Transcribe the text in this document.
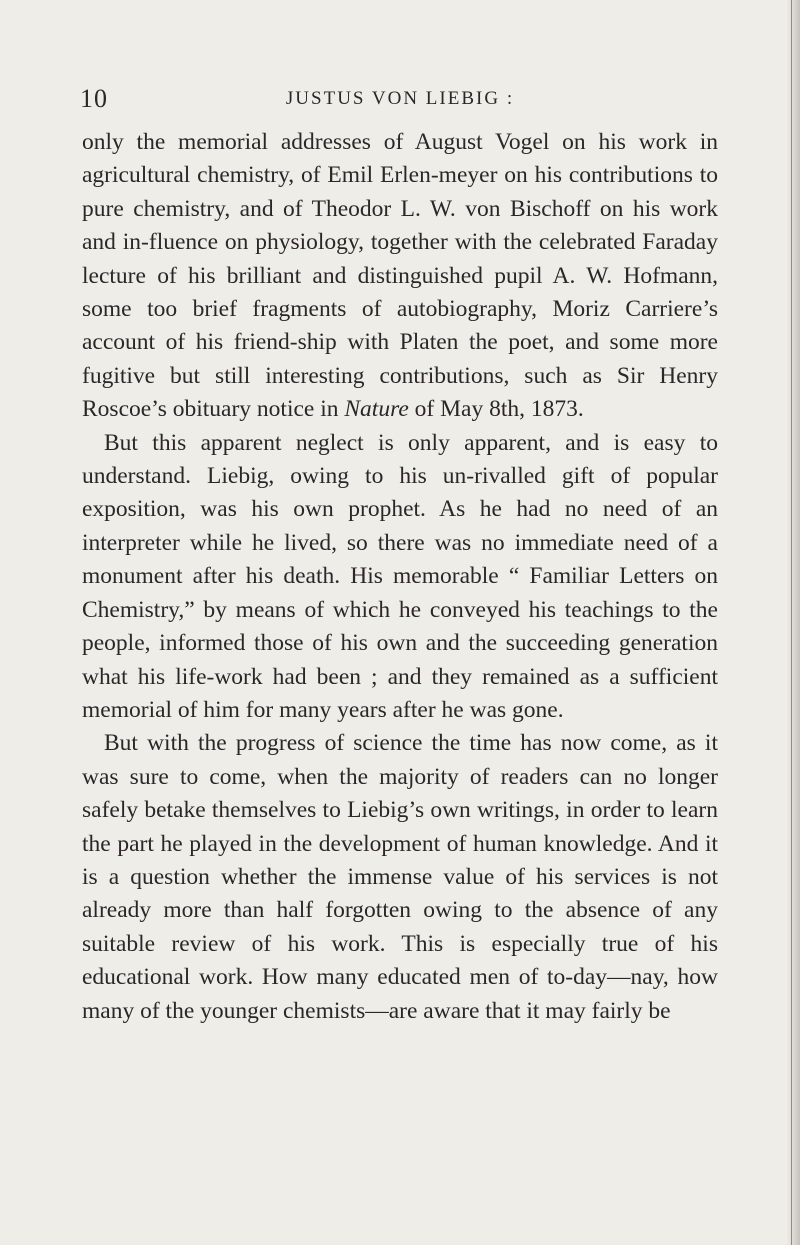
10	JUSTUS VON LIEBIG :

only the memorial addresses of August Vogel on his work in agricultural chemistry, of Emil Erlen-meyer on his contributions to pure chemistry, and of Theodor L. W. von Bischoff on his work and in-fluence on physiology, together with the celebrated Faraday lecture of his brilliant and distinguished pupil A. W. Hofmann, some too brief fragments of autobiography, Moriz Carriere’s account of his friend-ship with Platen the poet, and some more fugitive but still interesting contributions, such as Sir Henry Roscoe’s obituary notice in Nature of May 8th, 1873.

But this apparent neglect is only apparent, and is easy to understand. Liebig, owing to his un-rivalled gift of popular exposition, was his own prophet. As he had no need of an interpreter while he lived, so there was no immediate need of a monument after his death. His memorable “ Familiar Letters on Chemistry,” by means of which he conveyed his teachings to the people, informed those of his own and the succeeding generation what his life-work had been ; and they remained as a sufficient memorial of him for many years after he was gone.

But with the progress of science the time has now come, as it was sure to come, when the majority of readers can no longer safely betake themselves to Liebig’s own writings, in order to learn the part he played in the development of human knowledge. And it is a question whether the immense value of his services is not already more than half forgotten owing to the absence of any suitable review of his work. This is especially true of his educational work. How many educated men of to-day—nay, how many of the younger chemists—are aware that it may fairly be
